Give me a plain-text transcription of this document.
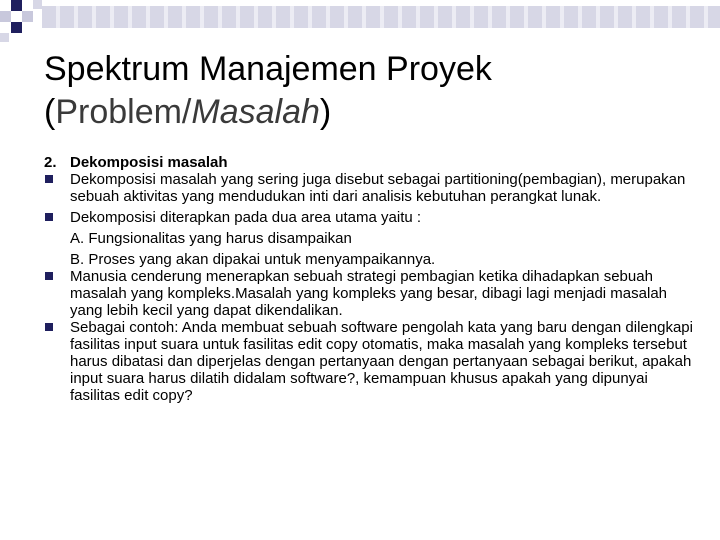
Spektrum Manajemen Proyek
(Problem/Masalah)
2. Dekomposisi masalah
Dekomposisi masalah yang sering juga disebut sebagai partitioning(pembagian), merupakan sebuah aktivitas yang mendudukan inti dari analisis kebutuhan perangkat lunak.
Dekomposisi diterapkan pada dua area utama yaitu :
A. Fungsionalitas yang harus disampaikan
B. Proses yang akan dipakai untuk menyampaikannya.
Manusia cenderung menerapkan sebuah strategi pembagian ketika dihadapkan sebuah masalah yang kompleks.Masalah yang kompleks yang besar, dibagi lagi menjadi masalah yang lebih kecil yang dapat dikendalikan.
Sebagai contoh: Anda membuat sebuah software pengolah kata yang baru dengan dilengkapi fasilitas input suara untuk fasilitas edit copy otomatis, maka masalah yang kompleks tersebut harus dibatasi dan diperjelas dengan pertanyaan dengan pertanyaan sebagai berikut, apakah input suara harus dilatih didalam software?, kemampuan khusus apakah yang dipunyai fasilitas edit copy?
